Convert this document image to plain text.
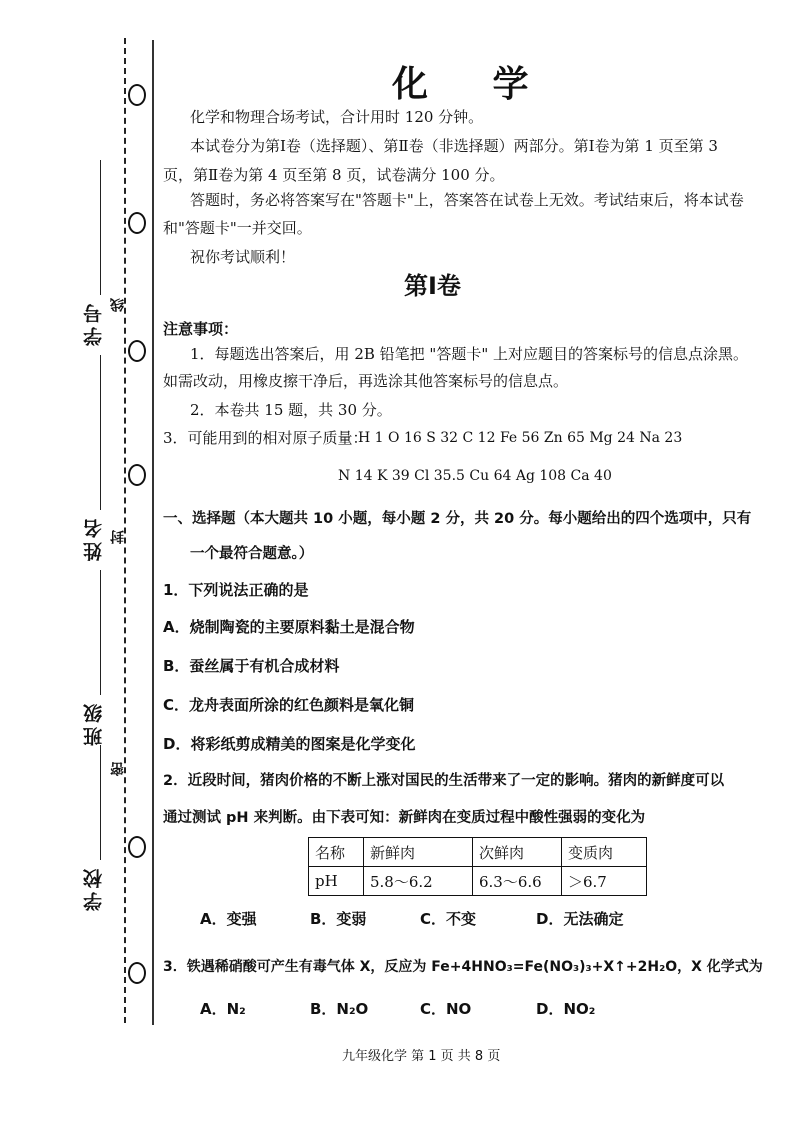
学号
姓名
班级
学校
线
封
密
化 学
化学和物理合场考试，合计用时 120 分钟。
本试卷分为第Ⅰ卷（选择题）、第Ⅱ卷（非选择题）两部分。第Ⅰ卷为第 1 页至第 3
页，第Ⅱ卷为第 4 页至第 8 页，试卷满分 100 分。
答题时，务必将答案写在"答题卡"上，答案答在试卷上无效。考试结束后，将本试卷
和"答题卡"一并交回。
祝你考试顺利！
第Ⅰ卷
注意事项：
1．每题选出答案后，用 2B 铅笔把 "答题卡" 上对应题目的答案标号的信息点涂黑。
如需改动，用橡皮擦干净后，再选涂其他答案标号的信息点。
2．本卷共 15 题，共 30 分。
3．可能用到的相对原子质量：
H 1 O 16 S 32 C 12 Fe 56 Zn 65 Mg 24 Na 23
N 14 K 39 Cl 35.5 Cu 64 Ag 108 Ca 40
一、选择题（本大题共 10 小题，每小题 2 分，共 20 分。每小题给出的四个选项中，只有
一个最符合题意。）
1．下列说法正确的是
A．烧制陶瓷的主要原料黏土是混合物
B．蚕丝属于有机合成材料
C．龙舟表面所涂的红色颜料是氧化铜
D．将彩纸剪成精美的图案是化学变化
2．近段时间，猪肉价格的不断上涨对国民的生活带来了一定的影响。猪肉的新鲜度可以
通过测试 pH 来判断。由下表可知：新鲜肉在变质过程中酸性强弱的变化为
名称	新鲜肉	次鲜肉	变质肉
pH	5.8～6.2	6.3～6.6	＞6.7
A．变强	B．变弱	C．不变	D．无法确定
3．铁遇稀硝酸可产生有毒气体 X，反应为 Fe+4HNO₃=Fe(NO₃)₃+X↑+2H₂O，X 化学式为
A．N₂	B．N₂O	C．NO	D．NO₂
九年级化学 第 1 页 共 8 页
